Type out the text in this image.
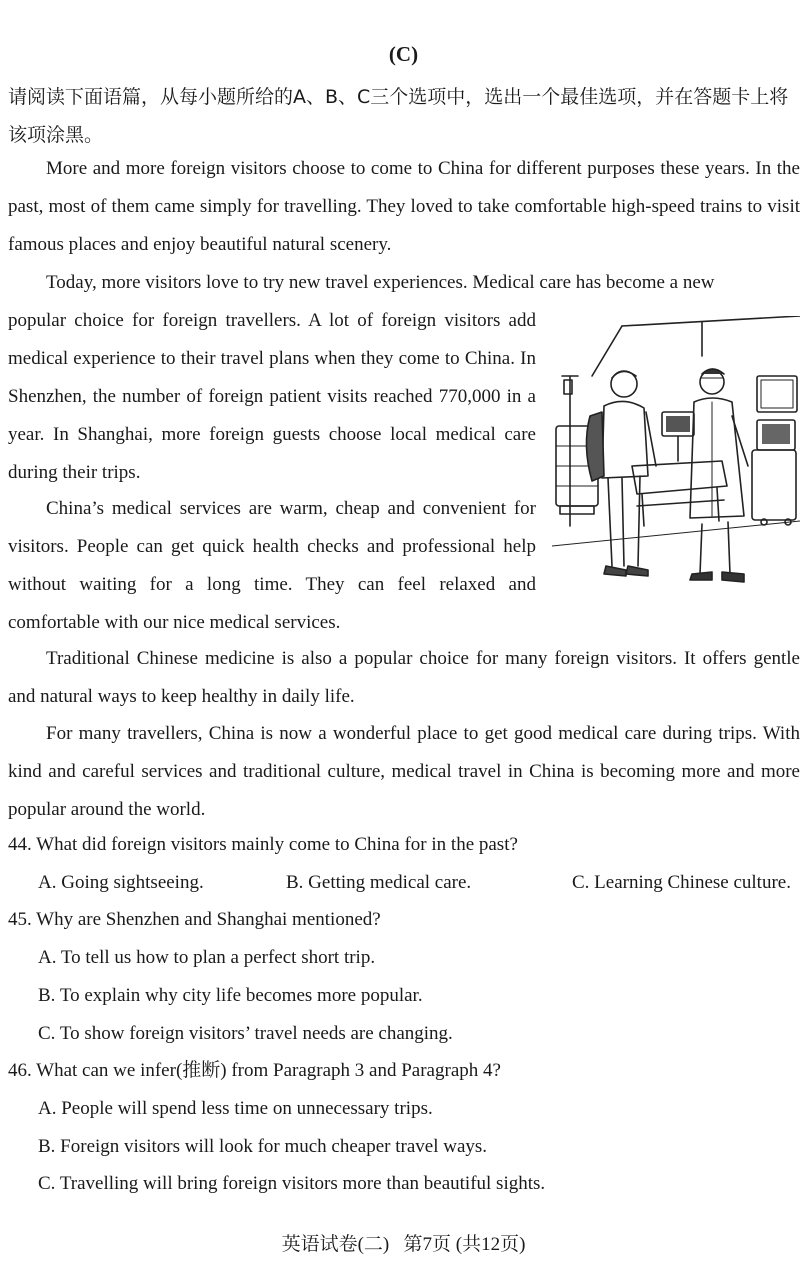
(C)
请阅读下面语篇，从每小题所给的A、B、C三个选项中，选出一个最佳选项，并在答题卡上将该项涂黑。
More and more foreign visitors choose to come to China for different purposes these years. In the past, most of them came simply for travelling. They loved to take comfortable high-speed trains to visit famous places and enjoy beautiful natural scenery.
Today, more visitors love to try new travel experiences. Medical care has become a new
popular choice for foreign travellers. A lot of foreign visitors add medical experience to their travel plans when they come to China. In Shenzhen, the number of foreign patient visits reached 770,000 in a year. In Shanghai, more foreign guests choose local medical care during their trips.
China’s medical services are warm, cheap and convenient for visitors. People can get quick health checks and professional help without waiting for a long time. They can feel relaxed and comfortable with our nice medical services.
Traditional Chinese medicine is also a popular choice for many foreign visitors. It offers gentle and natural ways to keep healthy in daily life.
For many travellers, China is now a wonderful place to get good medical care during trips. With kind and careful services and traditional culture, medical travel in China is becoming more and more popular around the world.
44. What did foreign visitors mainly come to China for in the past?
A. Going sightseeing.	B. Getting medical care.	C. Learning Chinese culture.
45. Why are Shenzhen and Shanghai mentioned?
A. To tell us how to plan a perfect short trip.
B. To explain why city life becomes more popular.
C. To show foreign visitors’ travel needs are changing.
46. What can we infer(推断) from Paragraph 3 and Paragraph 4?
A. People will spend less time on unnecessary trips.
B. Foreign visitors will look for much cheaper travel ways.
C. Travelling will bring foreign visitors more than beautiful sights.
英语试卷(二)   第7页 (共12页)
